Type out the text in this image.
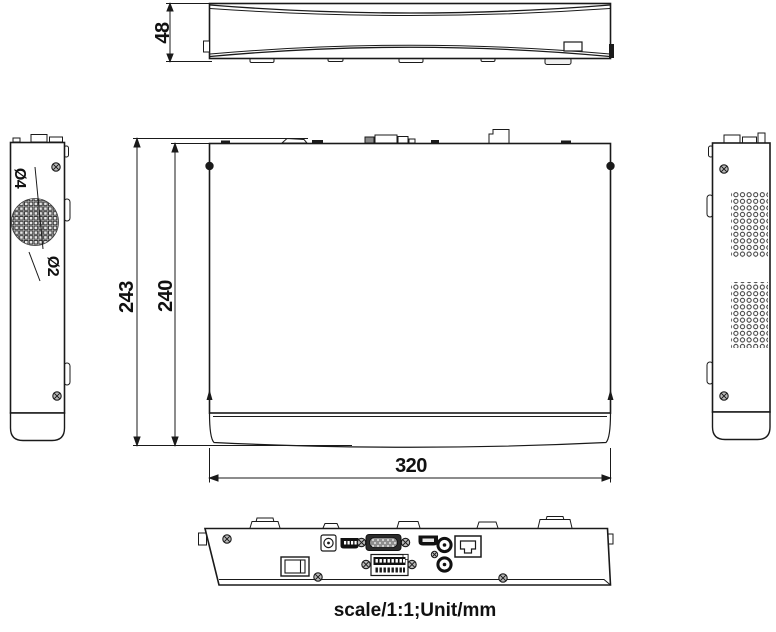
48
243 240
320
Ø4
Ø2
scale/1:1;Unit/mm
